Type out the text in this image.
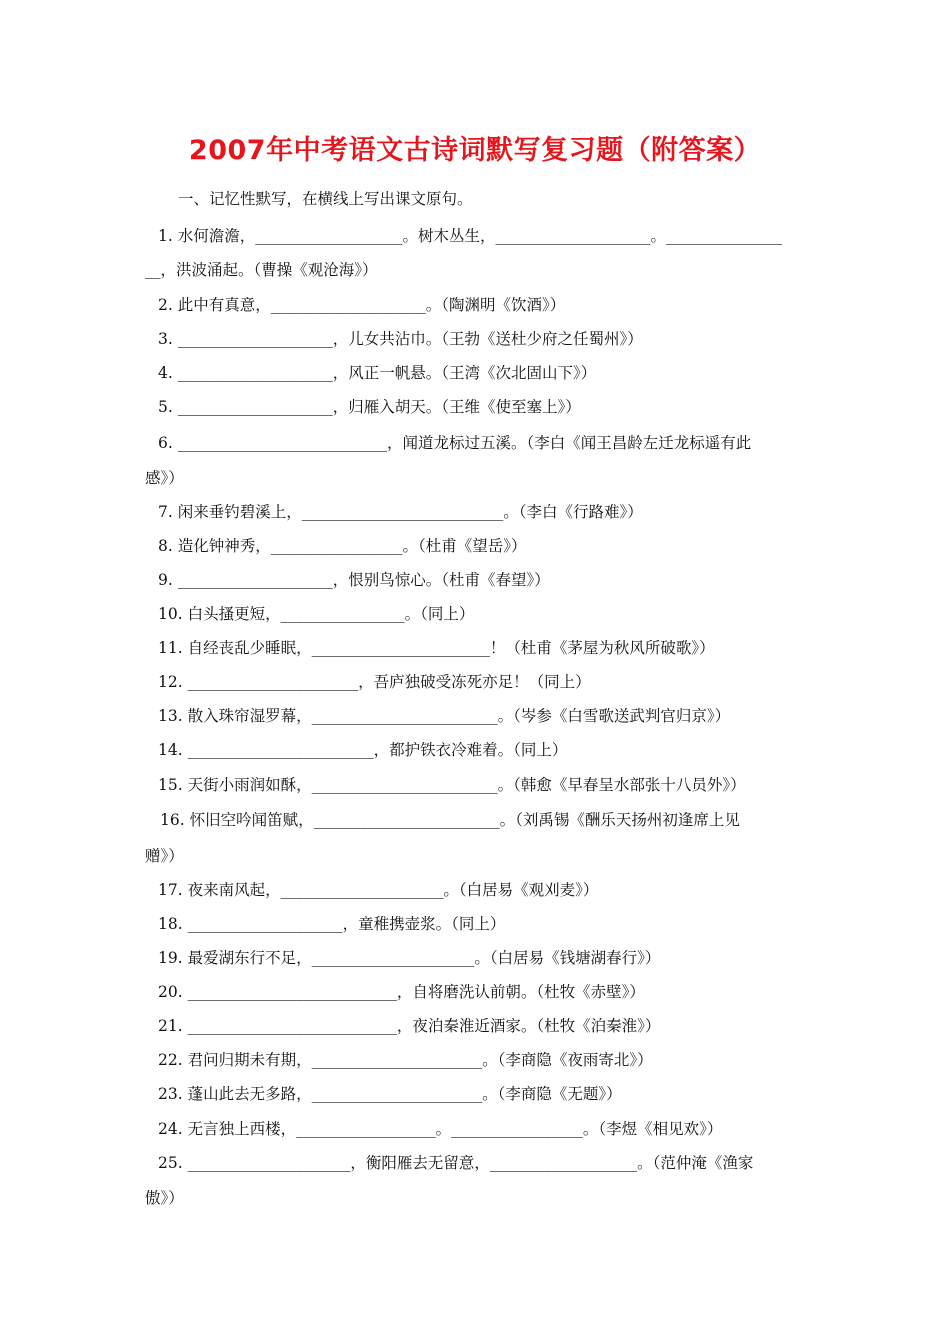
2007年中考语文古诗词默写复习题（附答案）
一、记忆性默写，在横线上写出课文原句。
1. 水何澹澹，___________________。树木丛生，____________________。_______________
__，洪波涌起。（曹操《观沧海》）
2. 此中有真意，____________________。（陶渊明《饮酒》）
3. ____________________，儿女共沾巾。（王勃《送杜少府之任蜀州》）
4. ____________________，风正一帆悬。（王湾《次北固山下》）
5. ____________________，归雁入胡天。（王维《使至塞上》）
6. ___________________________，闻道龙标过五溪。（李白《闻王昌龄左迁龙标遥有此
感》）
7. 闲来垂钓碧溪上，__________________________。（李白《行路难》）
8. 造化钟神秀，_________________。（杜甫《望岳》）
9. ____________________，恨别鸟惊心。（杜甫《春望》）
10. 白头搔更短，________________。（同上）
11. 自经丧乱少睡眠，_______________________！（杜甫《茅屋为秋风所破歌》）
12. ______________________，吾庐独破受冻死亦足！（同上）
13. 散入珠帘湿罗幕，________________________。（岑参《白雪歌送武判官归京》）
14. ________________________，都护铁衣冷难着。（同上）
15. 天街小雨润如酥，________________________。（韩愈《早春呈水部张十八员外》）
16. 怀旧空吟闻笛赋，________________________。（刘禹锡《酬乐天扬州初逢席上见
赠》）
17. 夜来南风起，_____________________。（白居易《观刈麦》）
18. ____________________，童稚携壶浆。（同上）
19. 最爱湖东行不足，_____________________。（白居易《钱塘湖春行》）
20. ___________________________，自将磨洗认前朝。（杜牧《赤壁》）
21. ___________________________，夜泊秦淮近酒家。（杜牧《泊秦淮》）
22. 君问归期未有期，______________________。（李商隐《夜雨寄北》）
23. 蓬山此去无多路，______________________。（李商隐《无题》）
24. 无言独上西楼，__________________。_________________。（李煜《相见欢》）
25. _____________________，衡阳雁去无留意，___________________。（范仲淹《渔家
傲》）
